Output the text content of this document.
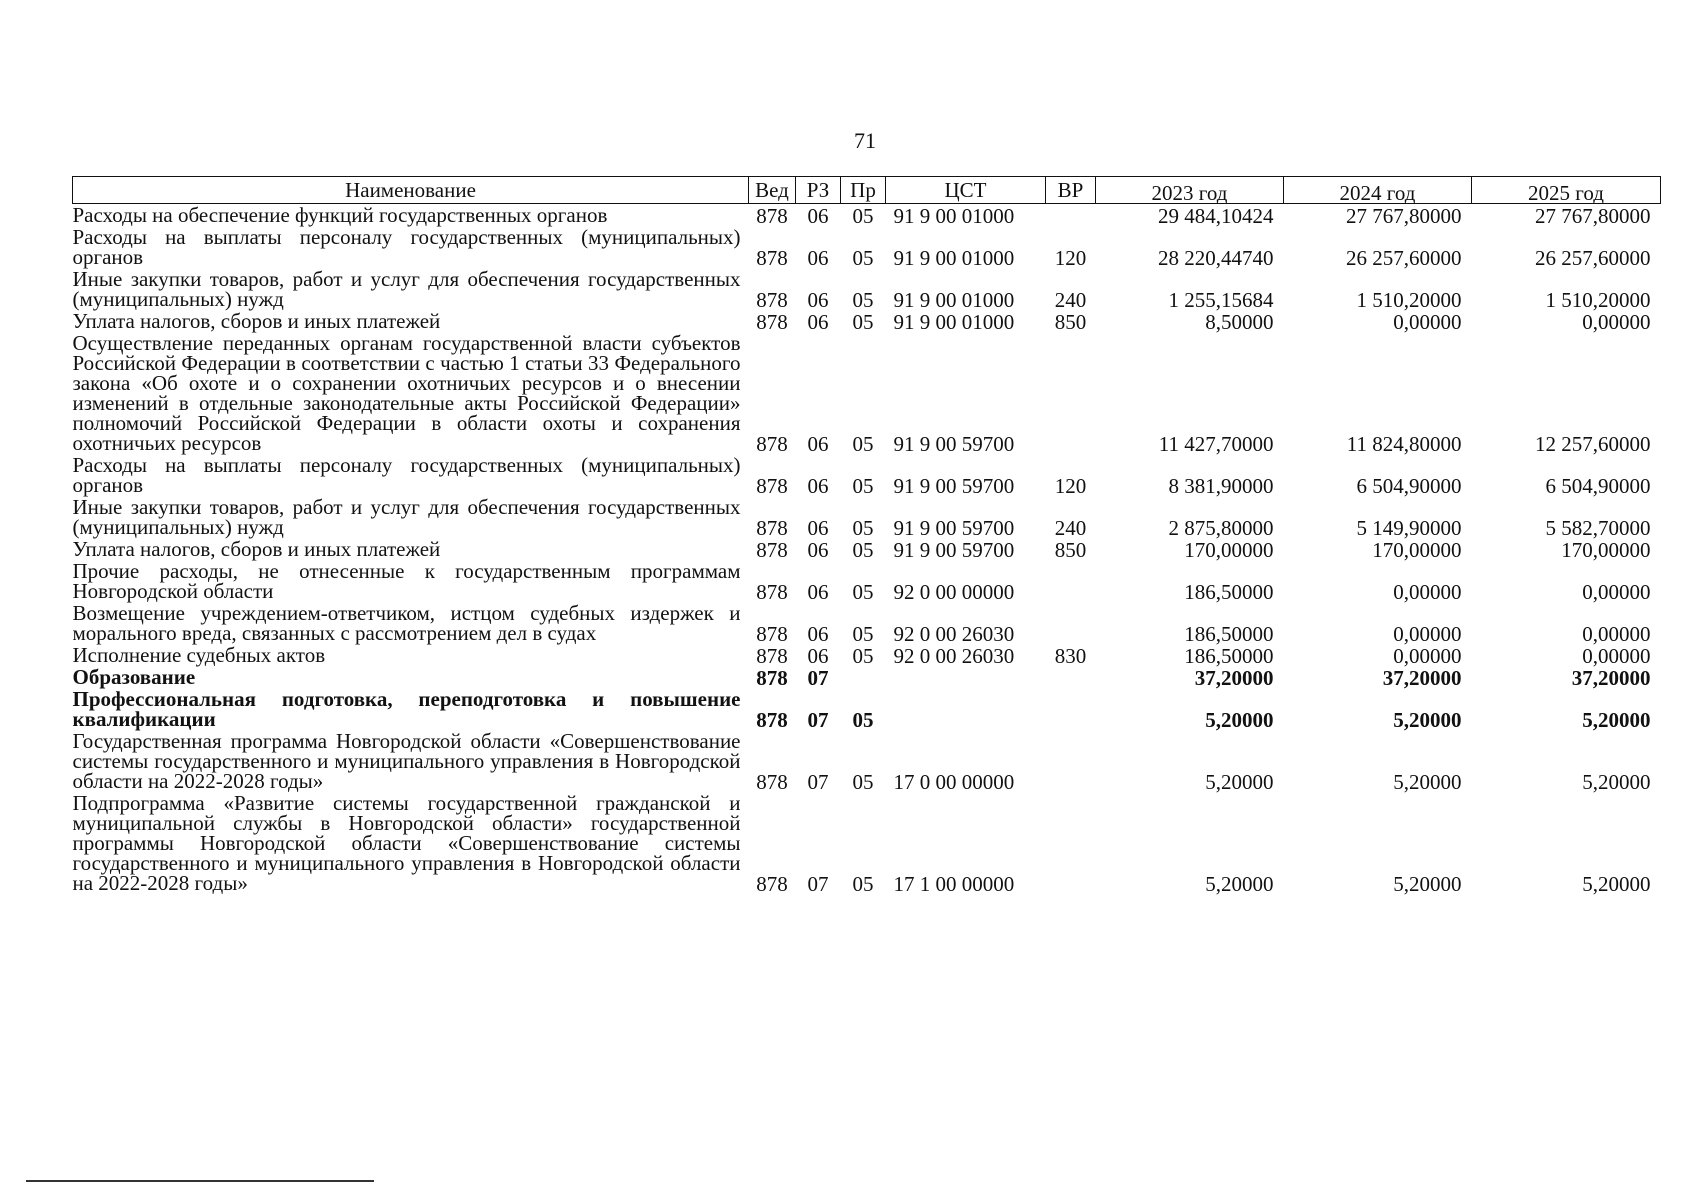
71
Наименование	Вед	РЗ	Пр	ЦСТ	ВР	2023 год	2024 год	2025 год
Расходы на обеспечение функций государственных органов	878	06	05	91 9 00 01000		29 484,10424	27 767,80000	27 767,80000
Расходы на выплаты персоналу государственных (муниципальных) органов	878	06	05	91 9 00 01000	120	28 220,44740	26 257,60000	26 257,60000
Иные закупки товаров, работ и услуг для обеспечения государственных (муниципальных) нужд	878	06	05	91 9 00 01000	240	1 255,15684	1 510,20000	1 510,20000
Уплата налогов, сборов и иных платежей	878	06	05	91 9 00 01000	850	8,50000	0,00000	0,00000
Осуществление переданных органам государственной власти субъектов Российской Федерации в соответствии с частью 1 статьи 33 Федерального закона «Об охоте и о сохранении охотничьих ресурсов и о внесении изменений в отдельные законодательные акты Российской Федерации» полномочий Российской Федерации в области охоты и сохранения охотничьих ресурсов	878	06	05	91 9 00 59700		11 427,70000	11 824,80000	12 257,60000
Расходы на выплаты персоналу государственных (муниципальных) органов	878	06	05	91 9 00 59700	120	8 381,90000	6 504,90000	6 504,90000
Иные закупки товаров, работ и услуг для обеспечения государственных (муниципальных) нужд	878	06	05	91 9 00 59700	240	2 875,80000	5 149,90000	5 582,70000
Уплата налогов, сборов и иных платежей	878	06	05	91 9 00 59700	850	170,00000	170,00000	170,00000
Прочие расходы, не отнесенные к государственным программам Новгородской области	878	06	05	92 0 00 00000		186,50000	0,00000	0,00000
Возмещение учреждением-ответчиком, истцом судебных издержек и морального вреда, связанных с рассмотрением дел в судах	878	06	05	92 0 00 26030		186,50000	0,00000	0,00000
Исполнение судебных актов	878	06	05	92 0 00 26030	830	186,50000	0,00000	0,00000
Образование	878	07				37,20000	37,20000	37,20000
Профессиональная подготовка, переподготовка и повышение квалификации	878	07	05			5,20000	5,20000	5,20000
Государственная программа Новгородской области «Совершенствование системы государственного и муниципального управления в Новгородской области на 2022-2028 годы»	878	07	05	17 0 00 00000		5,20000	5,20000	5,20000
Подпрограмма «Развитие системы государственной гражданской и муниципальной службы в Новгородской области» государственной программы Новгородской области «Совершенствование системы государственного и муниципального управления в Новгородской области на 2022-2028 годы»	878	07	05	17 1 00 00000		5,20000	5,20000	5,20000
